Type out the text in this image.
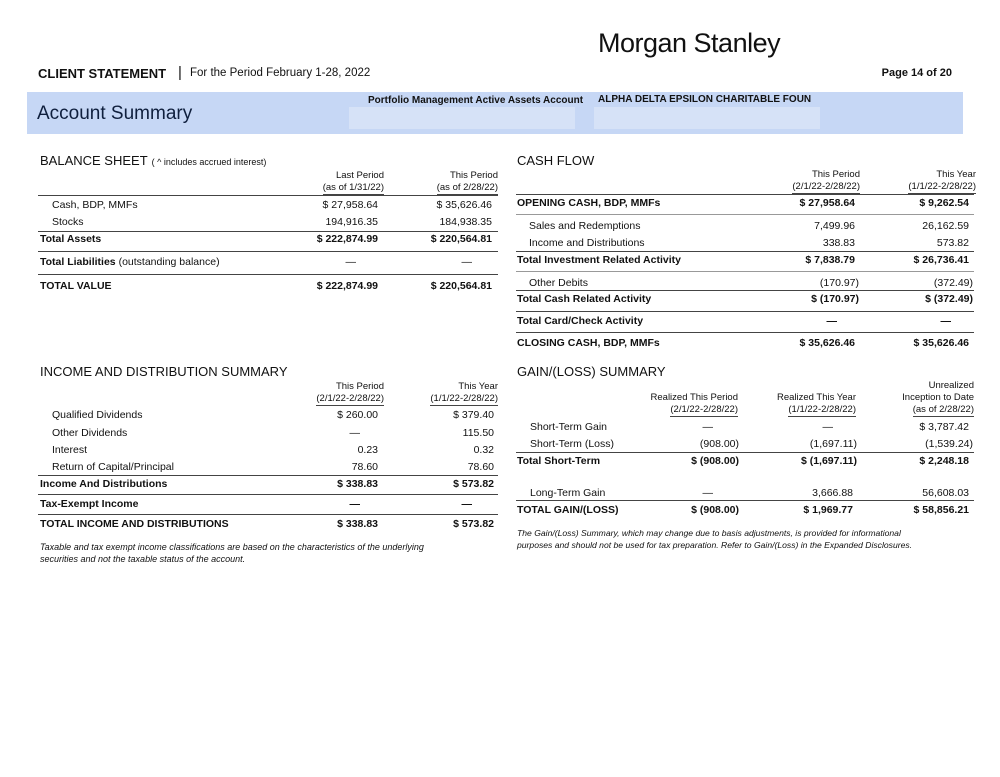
Morgan Stanley
CLIENT STATEMENT | For the Period February 1-28, 2022	Page 14 of 20
Account Summary
Portfolio Management Active Assets Account ALPHA DELTA EPSILON CHARITABLE FOUN
BALANCE SHEET ( ^ includes accrued interest)
Last Period
(as of 1/31/22)
This Period
(as of 2/28/22)
Cash, BDP, MMFs	$ 27,958.64	$ 35,626.46
Stocks	194,916.35	184,938.35
Total Assets	$ 222,874.99	$ 220,564.81
Total Liabilities (outstanding balance)	—	—
TOTAL VALUE	$ 222,874.99	$ 220,564.81
CASH FLOW
This Period
(2/1/22-2/28/22)
This Year
(1/1/22-2/28/22)
OPENING CASH, BDP, MMFs	$ 27,958.64	$ 9,262.54
Sales and Redemptions	7,499.96	26,162.59
Income and Distributions	338.83	573.82
Total Investment Related Activity	$ 7,838.79	$ 26,736.41
Other Debits	(170.97)	(372.49)
Total Cash Related Activity	$ (170.97)	$ (372.49)
Total Card/Check Activity	—	—
CLOSING CASH, BDP, MMFs	$ 35,626.46	$ 35,626.46
INCOME AND DISTRIBUTION SUMMARY
This Period
(2/1/22-2/28/22)
This Year
(1/1/22-2/28/22)
Qualified Dividends	$ 260.00	$ 379.40
Other Dividends	—	115.50
Interest	0.23	0.32
Return of Capital/Principal	78.60	78.60
Income And Distributions	$ 338.83	$ 573.82
Tax-Exempt Income	—	—
TOTAL INCOME AND DISTRIBUTIONS	$ 338.83	$ 573.82
Taxable and tax exempt income classifications are based on the characteristics of the underlying
securities and not the taxable status of the account.
GAIN/(LOSS) SUMMARY
Realized This Period
(2/1/22-2/28/22)
Realized This Year
(1/1/22-2/28/22)
Unrealized
Inception to Date
(as of 2/28/22)
Short-Term Gain	—	—	$ 3,787.42
Short-Term (Loss)	(908.00)	(1,697.11)	(1,539.24)
Total Short-Term	$ (908.00)	$ (1,697.11)	$ 2,248.18
Long-Term Gain	—	3,666.88	56,608.03
TOTAL GAIN/(LOSS)	$ (908.00)	$ 1,969.77	$ 58,856.21
The Gain/(Loss) Summary, which may change due to basis adjustments, is provided for informational
purposes and should not be used for tax preparation. Refer to Gain/(Loss) in the Expanded Disclosures.
